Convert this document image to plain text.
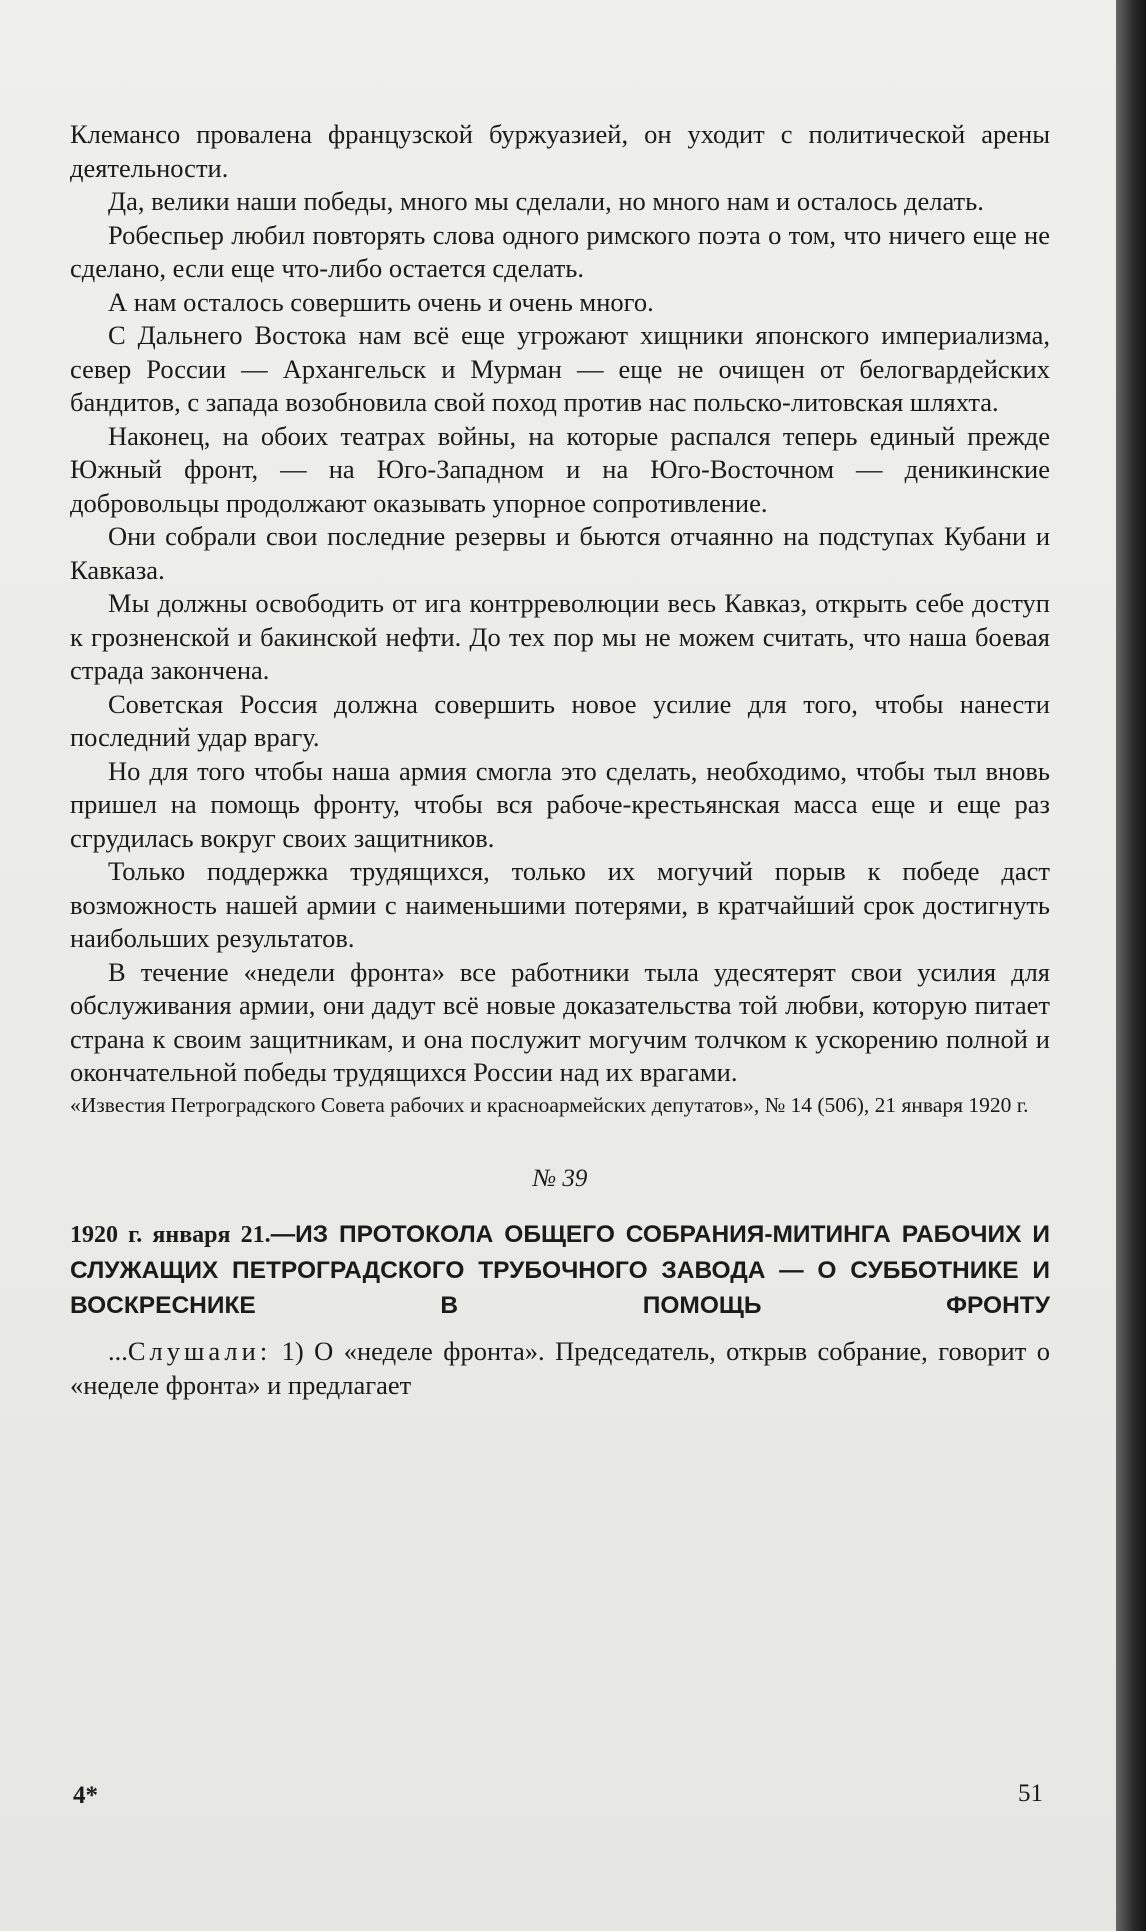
Клемансо провалена французской буржуазией, он уходит с политической арены деятельности.

Да, велики наши победы, много мы сделали, но много нам и осталось делать.

Робеспьер любил повторять слова одного римского поэта о том, что ничего еще не сделано, если еще что-либо остается сделать.

А нам осталось совершить очень и очень много.

С Дальнего Востока нам всё еще угрожают хищники японского империализма, север России — Архангельск и Мурман — еще не очищен от белогвардейских бандитов, с запада возобновила свой поход против нас польско-литовская шляхта.

Наконец, на обоих театрах войны, на которые распался теперь единый прежде Южный фронт, — на Юго-Западном и на Юго-Восточном — деникинские добровольцы продолжают оказывать упорное сопротивление.

Они собрали свои последние резервы и бьются отчаянно на подступах Кубани и Кавказа.

Мы должны освободить от ига контрреволюции весь Кавказ, открыть себе доступ к грозненской и бакинской нефти. До тех пор мы не можем считать, что наша боевая страда закончена.

Советская Россия должна совершить новое усилие для того, чтобы нанести последний удар врагу.

Но для того чтобы наша армия смогла это сделать, необходимо, чтобы тыл вновь пришел на помощь фронту, чтобы вся рабоче-крестьянская масса еще и еще раз сгрудилась вокруг своих защитников.

Только поддержка трудящихся, только их могучий порыв к победе даст возможность нашей армии с наименьшими потерями, в кратчайший срок достигнуть наибольших результатов.

В течение «недели фронта» все работники тыла удесятерят свои усилия для обслуживания армии, они дадут всё новые доказательства той любви, которую питает страна к своим защитникам, и она послужит могучим толчком к ускорению полной и окончательной победы трудящихся России над их врагами.

«Известия Петроградского Совета рабочих и красноармейских депутатов», № 14 (506), 21 января 1920 г.

№ 39
1920 г. января 21.—ИЗ ПРОТОКОЛА ОБЩЕГО СОБРАНИЯ-МИТИНГА РАБОЧИХ И СЛУЖАЩИХ ПЕТРОГРАДСКОГО ТРУБОЧНОГО ЗАВОДА — О СУББОТНИКЕ И ВОСКРЕСНИКЕ В ПОМОЩЬ ФРОНТУ

...Слушали: 1) О «неделе фронта». Председатель, открыв собрание, говорит о «неделе фронта» и предлагает

4*	51
